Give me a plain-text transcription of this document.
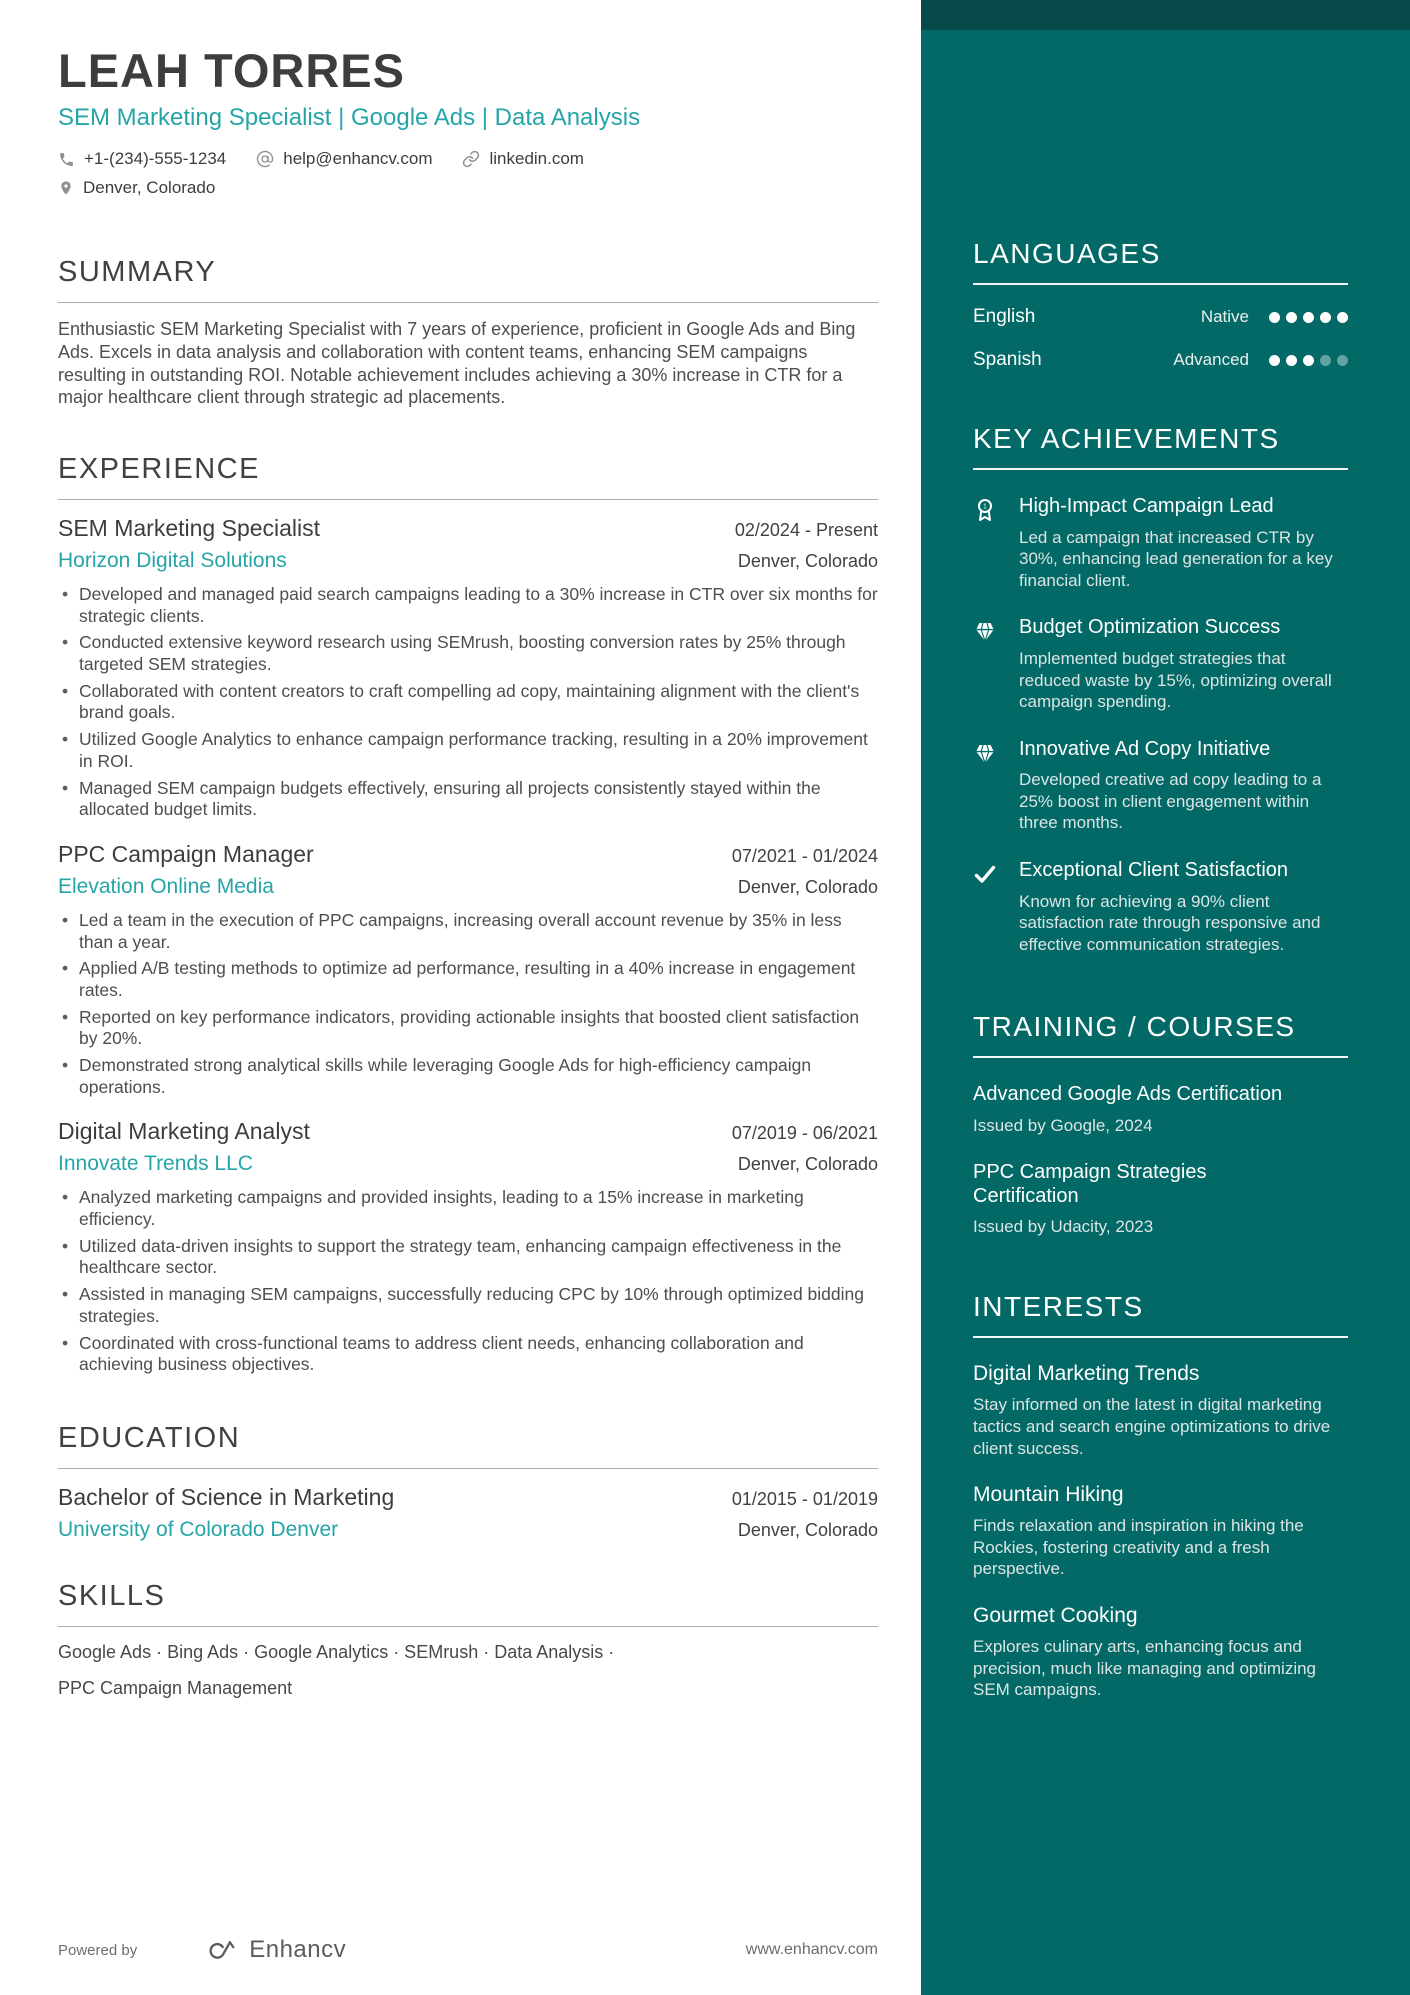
LEAH TORRES
SEM Marketing Specialist | Google Ads | Data Analysis
+1-(234)-555-1234	help@enhancv.com	linkedin.com
Denver, Colorado
SUMMARY
Enthusiastic SEM Marketing Specialist with 7 years of experience, proficient in Google Ads and Bing Ads. Excels in data analysis and collaboration with content teams, enhancing SEM campaigns resulting in outstanding ROI. Notable achievement includes achieving a 30% increase in CTR for a major healthcare client through strategic ad placements.
EXPERIENCE
SEM Marketing Specialist	02/2024 - Present
Horizon Digital Solutions	Denver, Colorado
• Developed and managed paid search campaigns leading to a 30% increase in CTR over six months for strategic clients.
• Conducted extensive keyword research using SEMrush, boosting conversion rates by 25% through targeted SEM strategies.
• Collaborated with content creators to craft compelling ad copy, maintaining alignment with the client's brand goals.
• Utilized Google Analytics to enhance campaign performance tracking, resulting in a 20% improvement in ROI.
• Managed SEM campaign budgets effectively, ensuring all projects consistently stayed within the allocated budget limits.
PPC Campaign Manager	07/2021 - 01/2024
Elevation Online Media	Denver, Colorado
• Led a team in the execution of PPC campaigns, increasing overall account revenue by 35% in less than a year.
• Applied A/B testing methods to optimize ad performance, resulting in a 40% increase in engagement rates.
• Reported on key performance indicators, providing actionable insights that boosted client satisfaction by 20%.
• Demonstrated strong analytical skills while leveraging Google Ads for high-efficiency campaign operations.
Digital Marketing Analyst	07/2019 - 06/2021
Innovate Trends LLC	Denver, Colorado
• Analyzed marketing campaigns and provided insights, leading to a 15% increase in marketing efficiency.
• Utilized data-driven insights to support the strategy team, enhancing campaign effectiveness in the healthcare sector.
• Assisted in managing SEM campaigns, successfully reducing CPC by 10% through optimized bidding strategies.
• Coordinated with cross-functional teams to address client needs, enhancing collaboration and achieving business objectives.
EDUCATION
Bachelor of Science in Marketing	01/2015 - 01/2019
University of Colorado Denver	Denver, Colorado
SKILLS
Google Ads · Bing Ads · Google Analytics · SEMrush · Data Analysis ·
PPC Campaign Management
Powered by	Enhancv	www.enhancv.com
LANGUAGES
English	Native
Spanish	Advanced
KEY ACHIEVEMENTS
1 High-Impact Campaign Lead
Led a campaign that increased CTR by 30%, enhancing lead generation for a key financial client.
Budget Optimization Success
Implemented budget strategies that reduced waste by 15%, optimizing overall campaign spending.
Innovative Ad Copy Initiative
Developed creative ad copy leading to a 25% boost in client engagement within three months.
Exceptional Client Satisfaction
Known for achieving a 90% client satisfaction rate through responsive and effective communication strategies.
TRAINING / COURSES
Advanced Google Ads Certification
Issued by Google, 2024
PPC Campaign Strategies Certification
Issued by Udacity, 2023
INTERESTS
Digital Marketing Trends
Stay informed on the latest in digital marketing tactics and search engine optimizations to drive client success.
Mountain Hiking
Finds relaxation and inspiration in hiking the Rockies, fostering creativity and a fresh perspective.
Gourmet Cooking
Explores culinary arts, enhancing focus and precision, much like managing and optimizing SEM campaigns.
